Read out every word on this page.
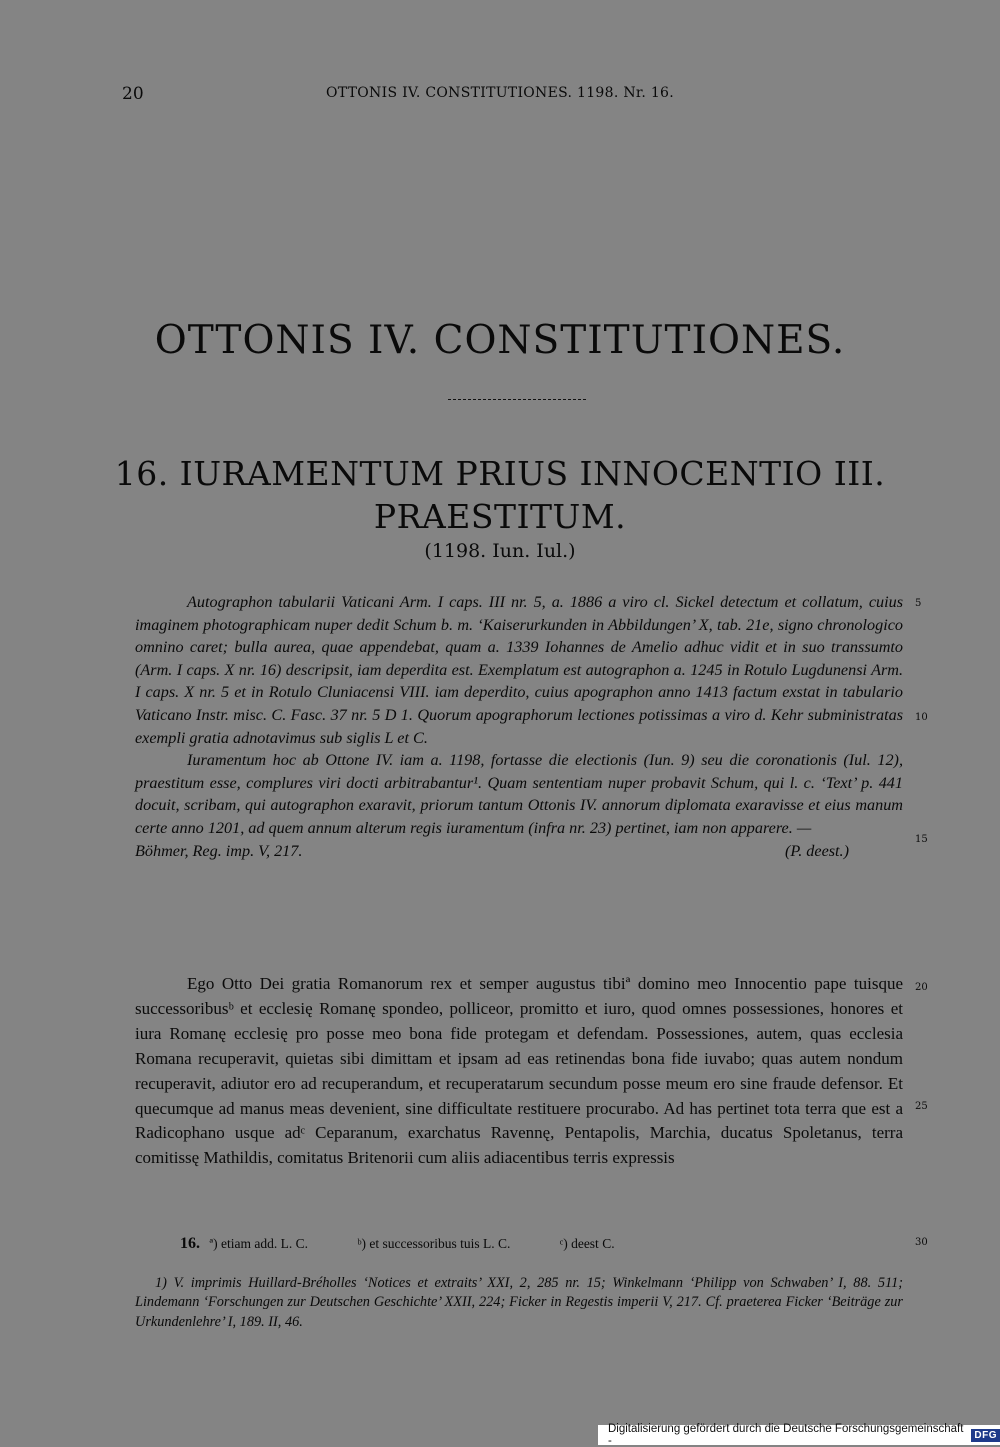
20	OTTONIS IV. CONSTITUTIONES. 1198. Nr. 16.
OTTONIS IV. CONSTITUTIONES.
16. IURAMENTUM PRIUS INNOCENTIO III.
PRAESTITUM.
(1198. Iun. Iul.)

Autographon tabularii Vaticani Arm. I caps. III nr. 5, a. 1886 a viro cl. Sickel detectum et collatum, cuius imaginem photographicam nuper dedit Schum b. m. ‘Kaiserurkunden in Abbildungen’ X, tab. 21e, signo chronologico omnino caret; bulla aurea, quae appendebat, quam a. 1339 Iohannes de Amelio adhuc vidit et in suo transsumto (Arm. I caps. X nr. 16) descripsit, iam deperdita est. Exemplatum est autographon a. 1245 in Rotulo Lugdunensi Arm. I caps. X nr. 5 et in Rotulo Cluniacensi VIII. iam deperdito, cuius apographon anno 1413 factum exstat in tabulario Vaticano Instr. misc. C. Fasc. 37 nr. 5 D 1. Quorum apographorum lectiones potissimas a viro d. Kehr subministratas exempli gratia adnotavimus sub siglis L et C.

Iuramentum hoc ab Ottone IV. iam a. 1198, fortasse die electionis (Iun. 9) seu die coronationis (Iul. 12), praestitum esse, complures viri docti arbitrabantur¹. Quam sententiam nuper probavit Schum, qui l. c. ‘Text’ p. 441 docuit, scribam, qui autographon exaravit, priorum tantum Ottonis IV. annorum diplomata exaravisse et eius manum certe anno 1201, ad quem annum alterum regis iuramentum (infra nr. 23) pertinet, iam non apparere. —

Böhmer, Reg. imp. V, 217.	(P. deest.)

Ego Otto Dei gratia Romanorum rex et semper augustus tibiª domino meo Innocentio pape tuisque successoribusᵇ et ecclesię Romanę spondeo, polliceor, promitto et iuro, quod omnes possessiones, honores et iura Romanę ecclesię pro posse meo bona fide protegam et defendam. Possessiones, autem, quas ecclesia Romana recuperavit, quietas sibi dimittam et ipsam ad eas retinendas bona fide iuvabo; quas autem nondum recuperavit, adiutor ero ad recuperandum, et recuperatarum secundum posse meum ero sine fraude defensor. Et quecumque ad manus meas devenient, sine difficultate restituere procurabo. Ad has pertinet tota terra que est a Radicophano usque adᶜ Ceparanum, exarchatus Ravennę, Pentapolis, Marchia, ducatus Spoletanus, terra comitissę Mathildis, comitatus Britenorii cum aliis adiacentibus terris expressis

16. ª) etiam add. L. C.	ᵇ) et successoribus tuis L. C.	ᶜ) deest C.

1) V. imprimis Huillard-Bréholles ‘Notices et extraits’ XXI, 2, 285 nr. 15; Winkelmann ‘Philipp von Schwaben’ I, 88. 511; Lindemann ‘Forschungen zur Deutschen Geschichte’ XXII, 224; Ficker in Regestis imperii V, 217. Cf. praeterea Ficker ‘Beiträge zur Urkundenlehre’ I, 189. II, 46.

5
10
15
20
25
30
Digitalisierung gefördert durch die Deutsche Forschungsgemeinschaft -	DFG
